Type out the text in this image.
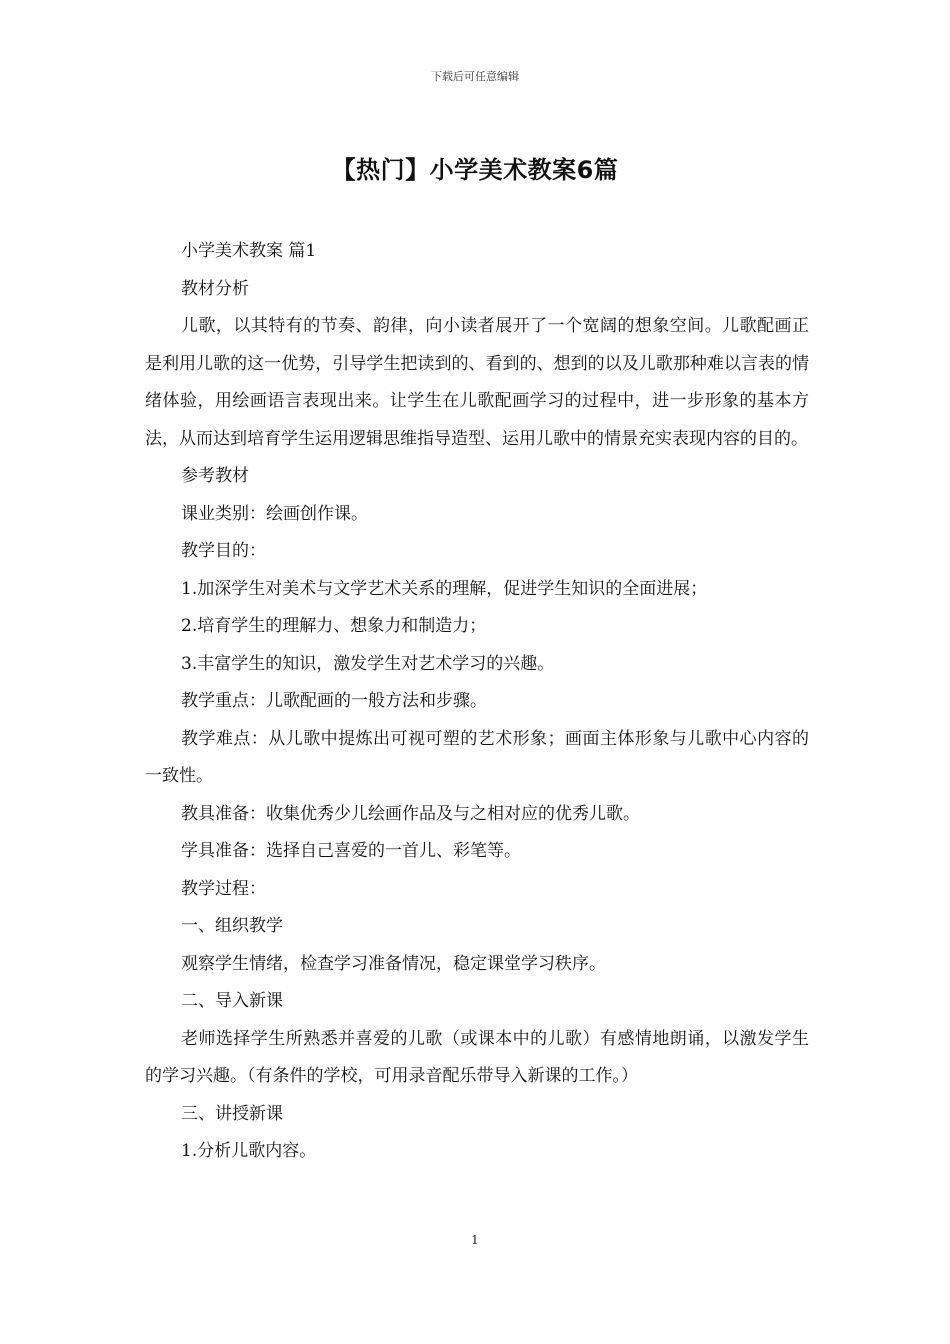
下载后可任意编辑
【热门】小学美术教案6篇

小学美术教案 篇1

教材分析

儿歌，以其特有的节奏、韵律，向小读者展开了一个宽阔的想象空间。儿歌配画正是利用儿歌的这一优势，引导学生把读到的、看到的、想到的以及儿歌那种难以言表的情绪体验，用绘画语言表现出来。让学生在儿歌配画学习的过程中，进一步形象的基本方法，从而达到培育学生运用逻辑思维指导造型、运用儿歌中的情景充实表现内容的目的。

参考教材

课业类别：绘画创作课。

教学目的：

1.加深学生对美术与文学艺术关系的理解，促进学生知识的全面进展；

2.培育学生的理解力、想象力和制造力；

3.丰富学生的知识，激发学生对艺术学习的兴趣。

教学重点：儿歌配画的一般方法和步骤。

教学难点：从儿歌中提炼出可视可塑的艺术形象；画面主体形象与儿歌中心内容的一致性。

教具准备：收集优秀少儿绘画作品及与之相对应的优秀儿歌。

学具准备：选择自己喜爱的一首儿、彩笔等。

教学过程：

一、组织教学

观察学生情绪，检查学习准备情况，稳定课堂学习秩序。

二、导入新课

老师选择学生所熟悉并喜爱的儿歌（或课本中的儿歌）有感情地朗诵，以激发学生的学习兴趣。（有条件的学校，可用录音配乐带导入新课的工作。）

三、讲授新课

1.分析儿歌内容。

1
